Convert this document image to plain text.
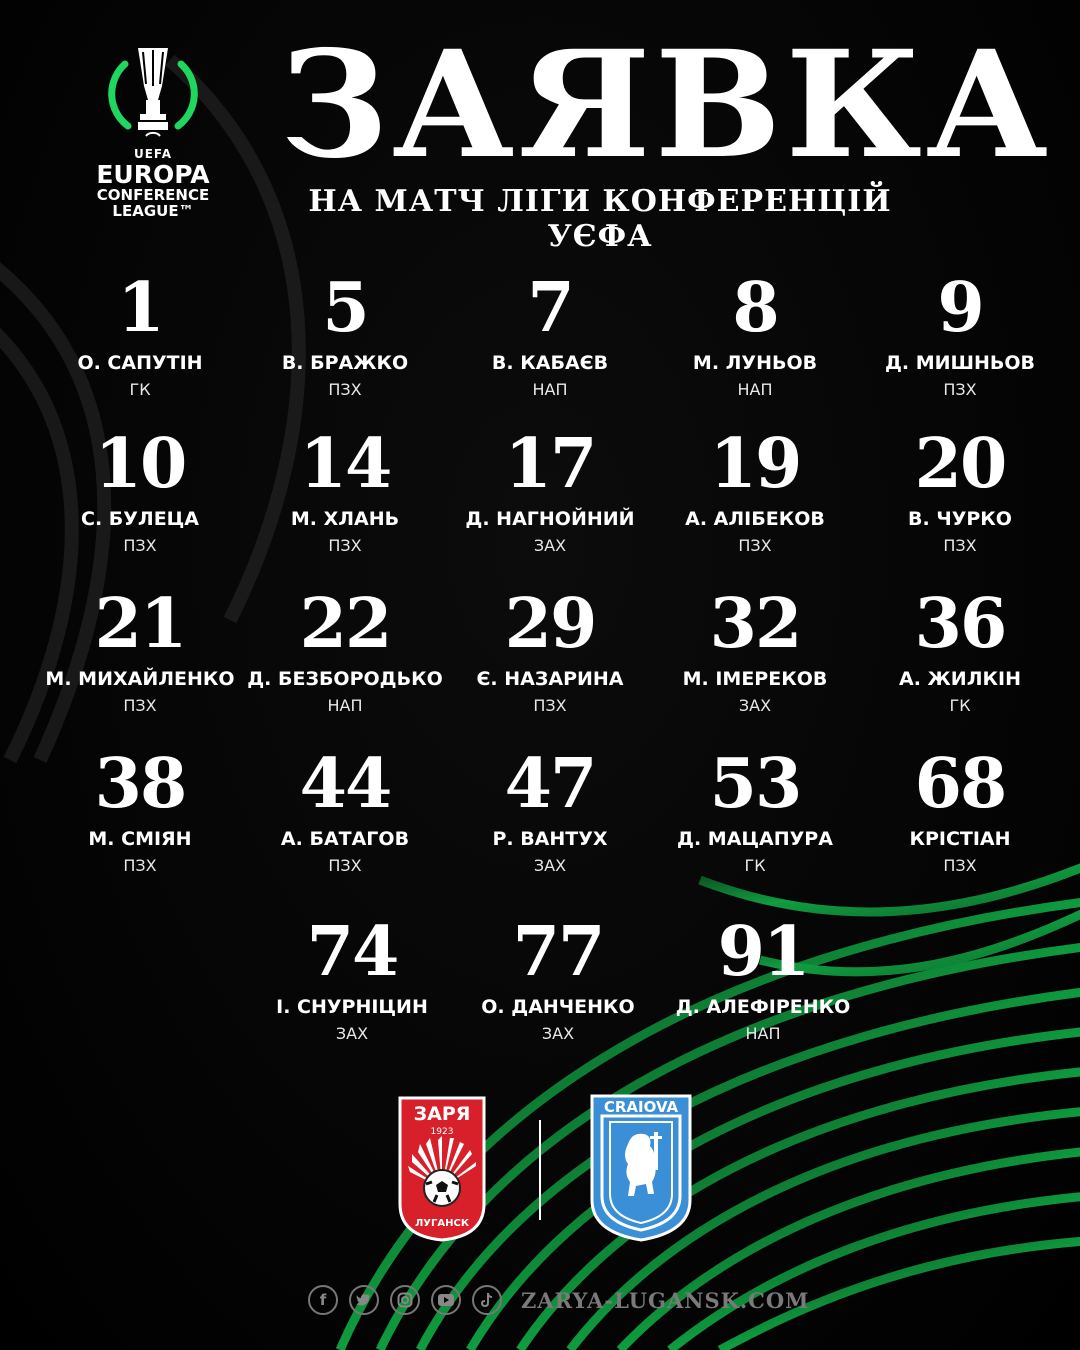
UEFA
EUROPA
CONFERENCE
LEAGUE™
ЗАЯВКА
НА МАТЧ ЛІГИ КОНФЕРЕНЦІЙ УЄФА
1
О. САПУТІН
ГК
5
В. БРАЖКО
ПЗХ
7
В. КАБАЄВ
НАП
8
М. ЛУНЬОВ
НАП
9
Д. МИШНЬОВ
ПЗХ
10
С. БУЛЕЦА
ПЗХ
14
М. ХЛАНЬ
ПЗХ
17
Д. НАГНОЙНИЙ
ЗАХ
19
А. АЛІБЕКОВ
ПЗХ
20
В. ЧУРКО
ПЗХ
21
М. МИХАЙЛЕНКО
ПЗХ
22
Д. БЕЗБОРОДЬКО
НАП
29
Є. НАЗАРИНА
ПЗХ
32
М. ІМЕРЕКОВ
ЗАХ
36
А. ЖИЛКІН
ГК
38
М. СМІЯН
ПЗХ
44
А. БАТАГОВ
ПЗХ
47
Р. ВАНТУХ
ЗАХ
53
Д. МАЦАПУРА
ГК
68
КРІСТІАН
ПЗХ
74
І. СНУРНІЦИН
ЗАХ
77
О. ДАНЧЕНКО
ЗАХ
91
Д. АЛЕФІРЕНКО
НАП
ЗАРЯ
1923
ЛУГАНСК
CRAIOVA
f	ZARYA-LUGANSK.COM
